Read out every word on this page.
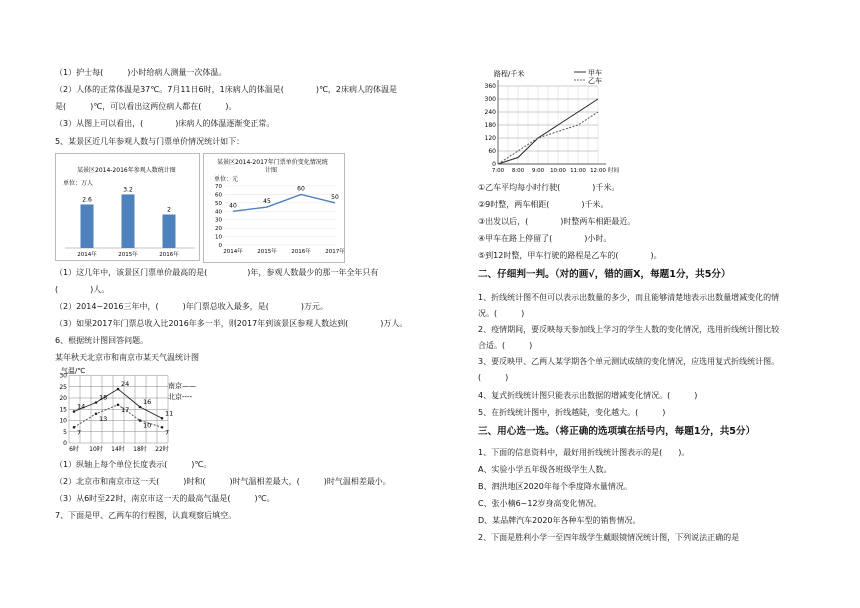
（1）护士每(　　　)小时给病人测量一次体温。
（2）人体的正常体温是37℃。7月11日6时，1床病人的体温是(　　　　)℃，2床病人的体温是
是(　　　)℃，可以看出这两位病人都在(　　　)。
（3）从图上可以看出，(　　　　)床病人的体温逐渐变正常。
5、某景区近几年参观人数与门票单价情况统计如下：
某景区2014-2016年参观人数统计图
单位：万人
2.6
2014年
3.2
2015年
2
2016年
某景区2014-2017年门票单价变化情况统
计图
单位：元
0
10
20
30
40
50
60
70
40
2014年
45
2015年
60
2016年
50
2017年
（1）这几年中，该景区门票单价最高的是(　　　　　)年，参观人数最少的那一年全年只有
(　　　　)人。
（2）2014~2016三年中，(　　　)年门票总收入最多，是(　　　　)万元。
（3）如果2017年门票总收入比2016年多一半，则2017年到该景区参观人数达到(　　　　)万人。
6、根据统计图回答问题。
某年秋天北京市和南京市某天气温统计图
气温/℃
0
5
10
15
20
25
30
6时 10时 14时 18时 22时
14
18
24
16
11
7
13
17
10
7
南京——
北京----
（1）纵轴上每个单位长度表示(　　　)℃。
（2）北京市和南京市这一天(　　　)时和(　　　)时气温相差最大，(　　　)时气温相差最小。
（3）从6时至22时，南京市这一天的最高气温是(　　　)℃。
7、下面是甲、乙两车的行程图，认真观察后填空。
路程/千米
0
60
120
180
240
300
360
7:00 8:00 9:00 10:00 11:00 12:00 时间
甲车
乙车
①乙车平均每小时行驶(　　　　)千米。
②9时整，两车相距(　　　　)千米。
③出发以后，(　　　　)时整两车相距最近。
④甲车在路上停留了(　　　　)小时。
⑤到12时整，甲车行驶的路程是乙车的(　　　　)。
二、仔细判一判。（对的画√，错的画X，每题1分，共5分）
1、折线统计图不但可以表示出数量的多少，而且能够清楚地表示出数量增减变化的情
况。(　　　)
2、疫情期间，要反映每天参加线上学习的学生人数的变化情况，选用折线统计图比较
合适。(　　　)
3、要反映甲、乙两人某学期各个单元测试成绩的变化情况，应选用复式折线统计图。
(　　　)
4、复式折线统计图只能表示出数据的增减变化情况。(　　　)
5、在折线统计图中，折线越陡，变化越大。(　　　)
三、用心选一选。（将正确的选项填在括号内，每题1分，共5分）
1、下面的信息资料中，最好用折线统计图表示的是(　　)。
A、实验小学五年级各班级学生人数。
B、泗洪地区2020年每个季度降水量情况。
C、张小楠6~12岁身高变化情况。
D、某品牌汽车2020年各种车型的销售情况。
2、下面是胜利小学一至四年级学生戴眼镜情况统计图，下列说法正确的是
